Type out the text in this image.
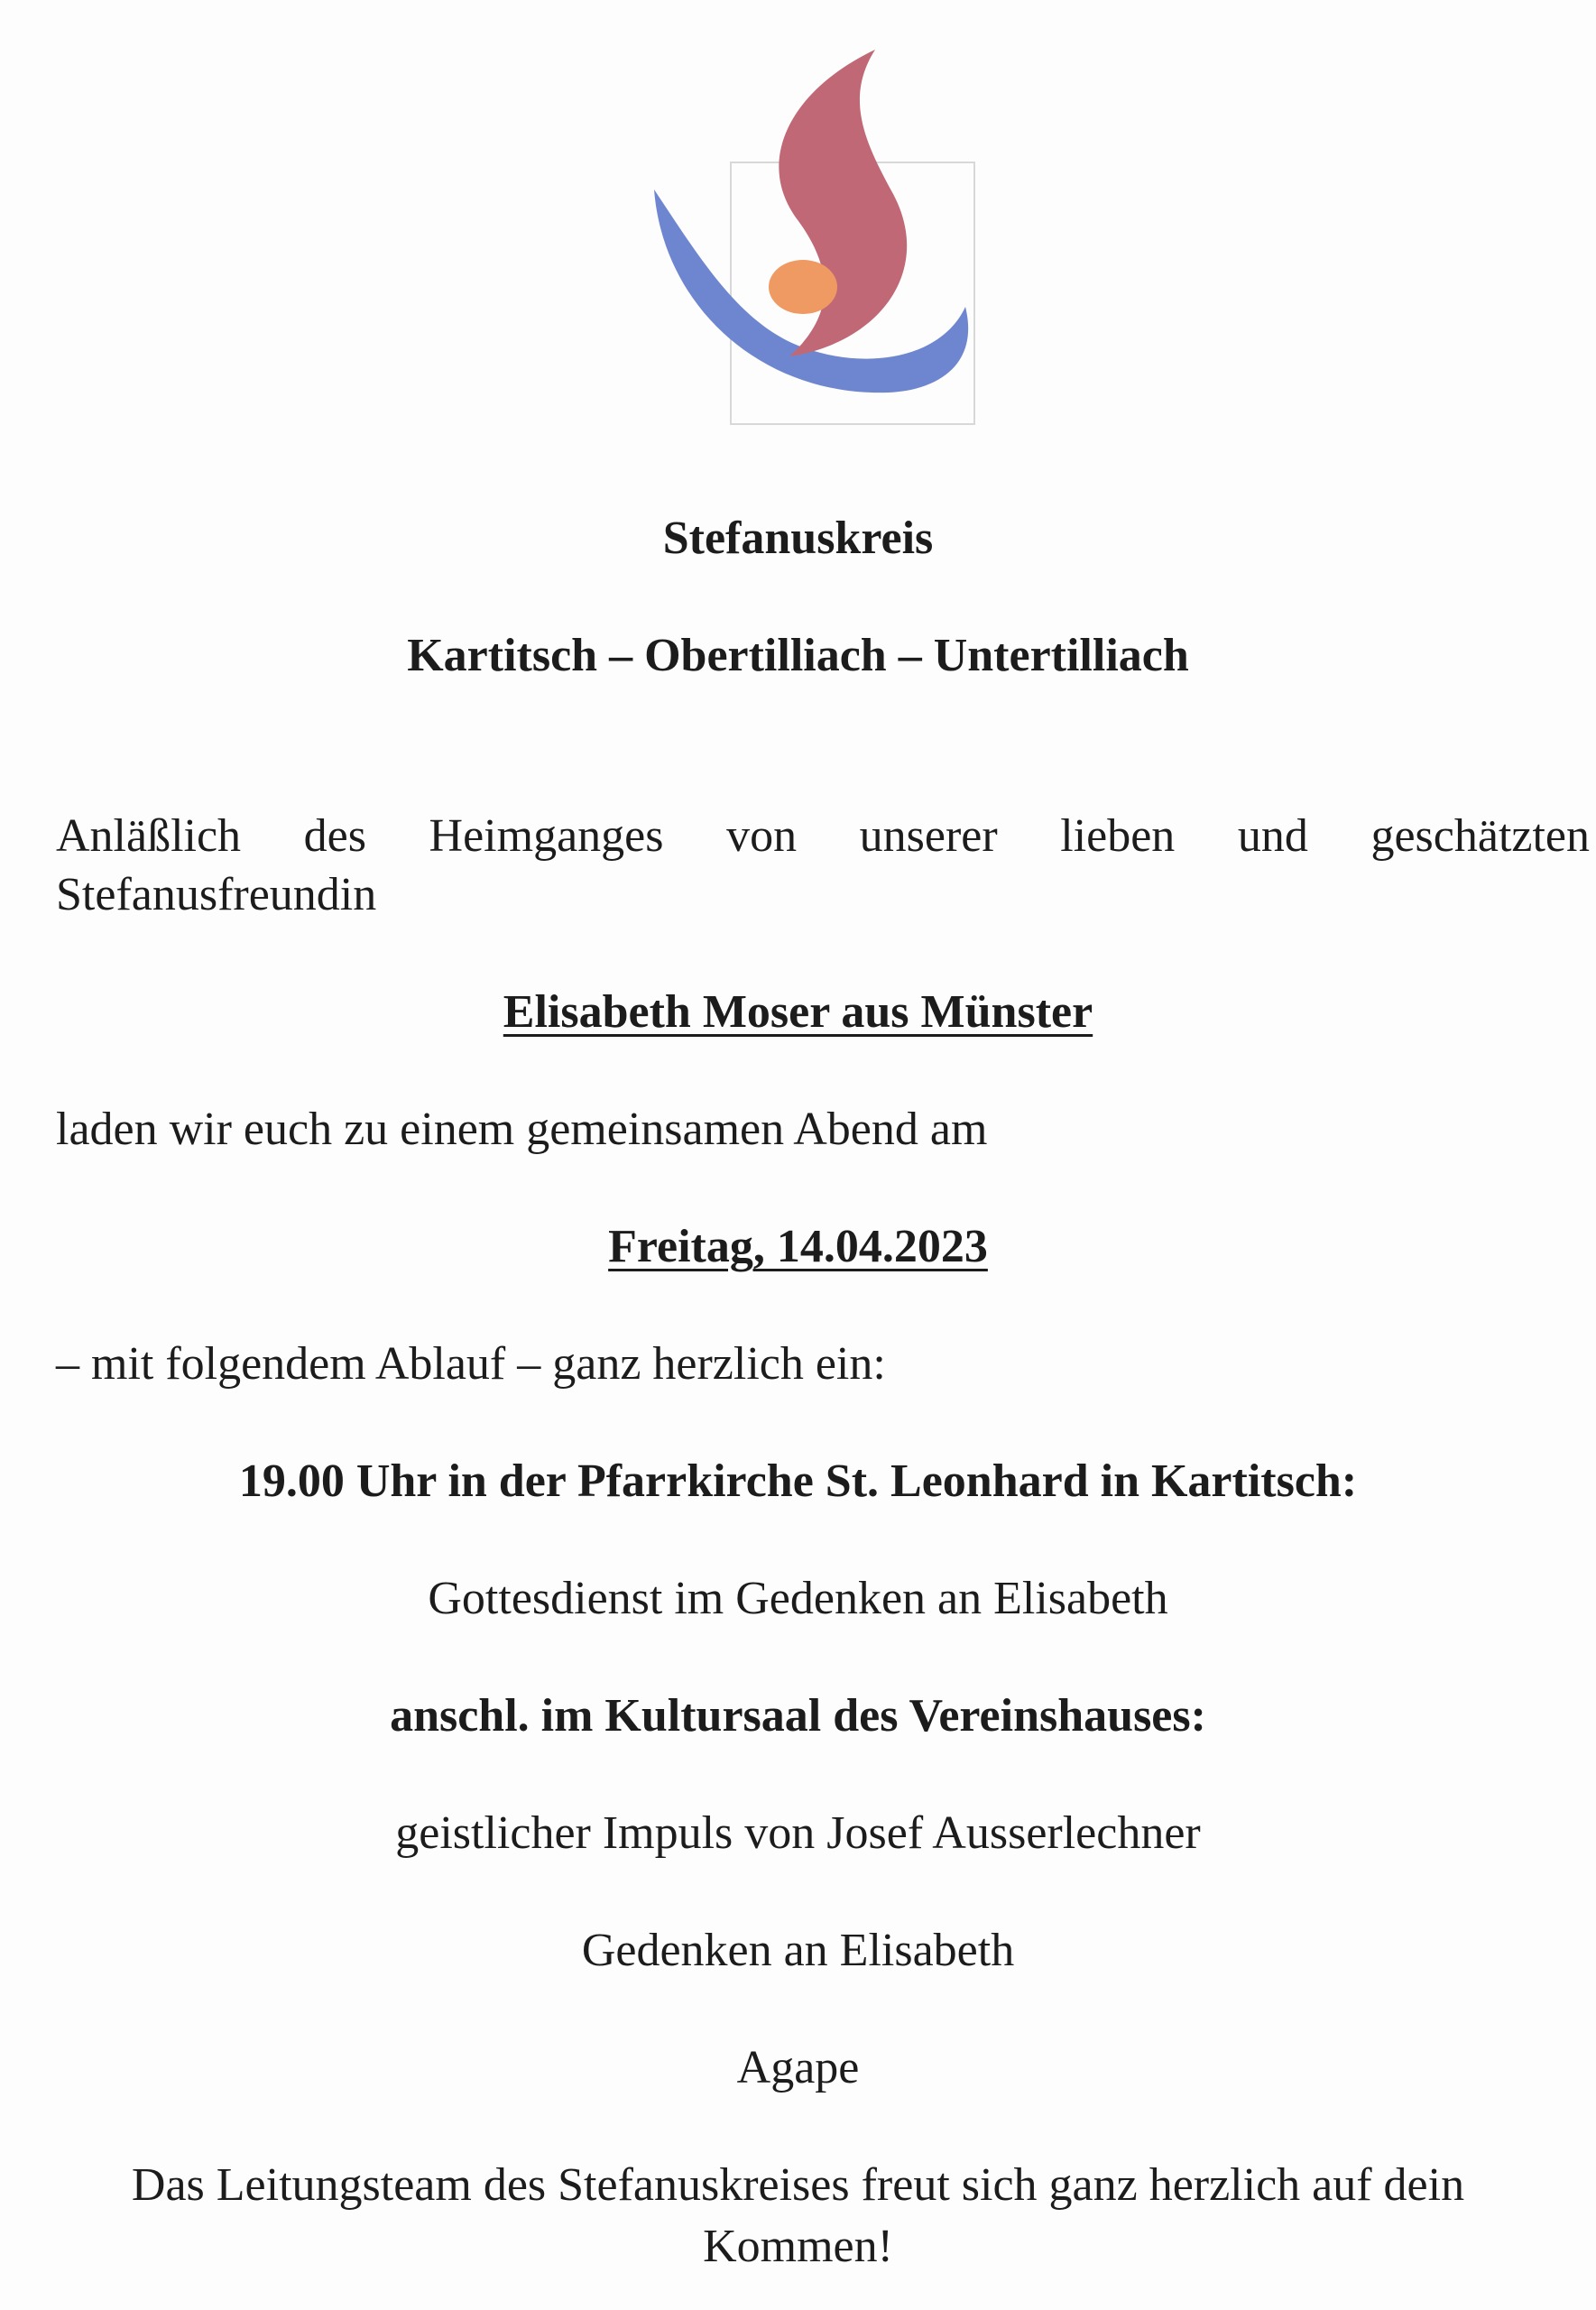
Stefanuskreis
Kartitsch – Obertilliach – Untertilliach
Anläßlich des Heimganges von unserer lieben und geschätzten
Stefanusfreundin
Elisabeth Moser aus Münster
laden wir euch zu einem gemeinsamen Abend am
Freitag, 14.04.2023
– mit folgendem Ablauf – ganz herzlich ein:
19.00 Uhr in der Pfarrkirche St. Leonhard in Kartitsch:
Gottesdienst im Gedenken an Elisabeth
anschl. im Kultursaal des Vereinshauses:
geistlicher Impuls von Josef Ausserlechner
Gedenken an Elisabeth
Agape
Das Leitungsteam des Stefanuskreises freut sich ganz herzlich auf dein
Kommen!
